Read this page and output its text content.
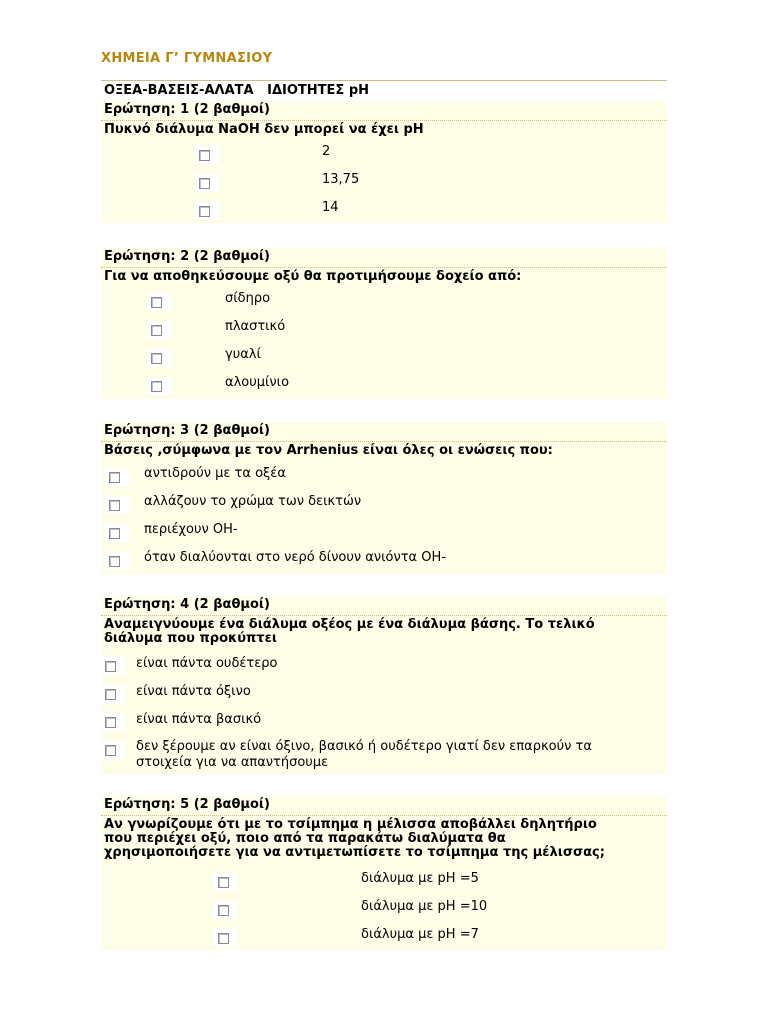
ΧΗΜΕΙΑ Γ’ ΓΥΜΝΑΣΙΟΥ
ΟΞΕΑ-ΒΑΣΕΙΣ-ΑΛΑΤΑ   ΙΔΙΟΤΗΤΕΣ pH
Ερώτηση: 1 (2 βαθμοί)
Πυκνό διάλυμα NaOH δεν μπορεί να έχει pH
2
13,75
14
Ερώτηση: 2 (2 βαθμοί)
Για να αποθηκεύσουμε οξύ θα προτιμήσουμε δοχείο από:
σίδηρο
πλαστικό
γυαλί
αλουμίνιο
Ερώτηση: 3 (2 βαθμοί)
Βάσεις ,σύμφωνα με τον Arrhenius είναι όλες οι ενώσεις που:
αντιδρούν με τα οξέα
αλλάζουν το χρώμα των δεικτών
περιέχουν ΟΗ-
όταν διαλύονται στο νερό δίνουν ανιόντα ΟΗ-
Ερώτηση: 4 (2 βαθμοί)
Αναμειγνύουμε ένα διάλυμα οξέος με ένα διάλυμα βάσης. Το τελικό
διάλυμα που προκύπτει
είναι πάντα ουδέτερο
είναι πάντα όξινο
είναι πάντα βασικό
δεν ξέρουμε αν είναι όξινο, βασικό ή ουδέτερο γιατί δεν επαρκούν τα
στοιχεία για να απαντήσουμε
Ερώτηση: 5 (2 βαθμοί)
Αν γνωρίζουμε ότι με το τσίμπημα η μέλισσα αποβάλλει δηλητήριο
που περιέχει οξύ, ποιο από τα παρακάτω διαλύματα θα
χρησιμοποιήσετε για να αντιμετωπίσετε το τσίμπημα της μέλισσας;
διάλυμα με pH =5
διάλυμα με pH =10
διάλυμα με pH =7
